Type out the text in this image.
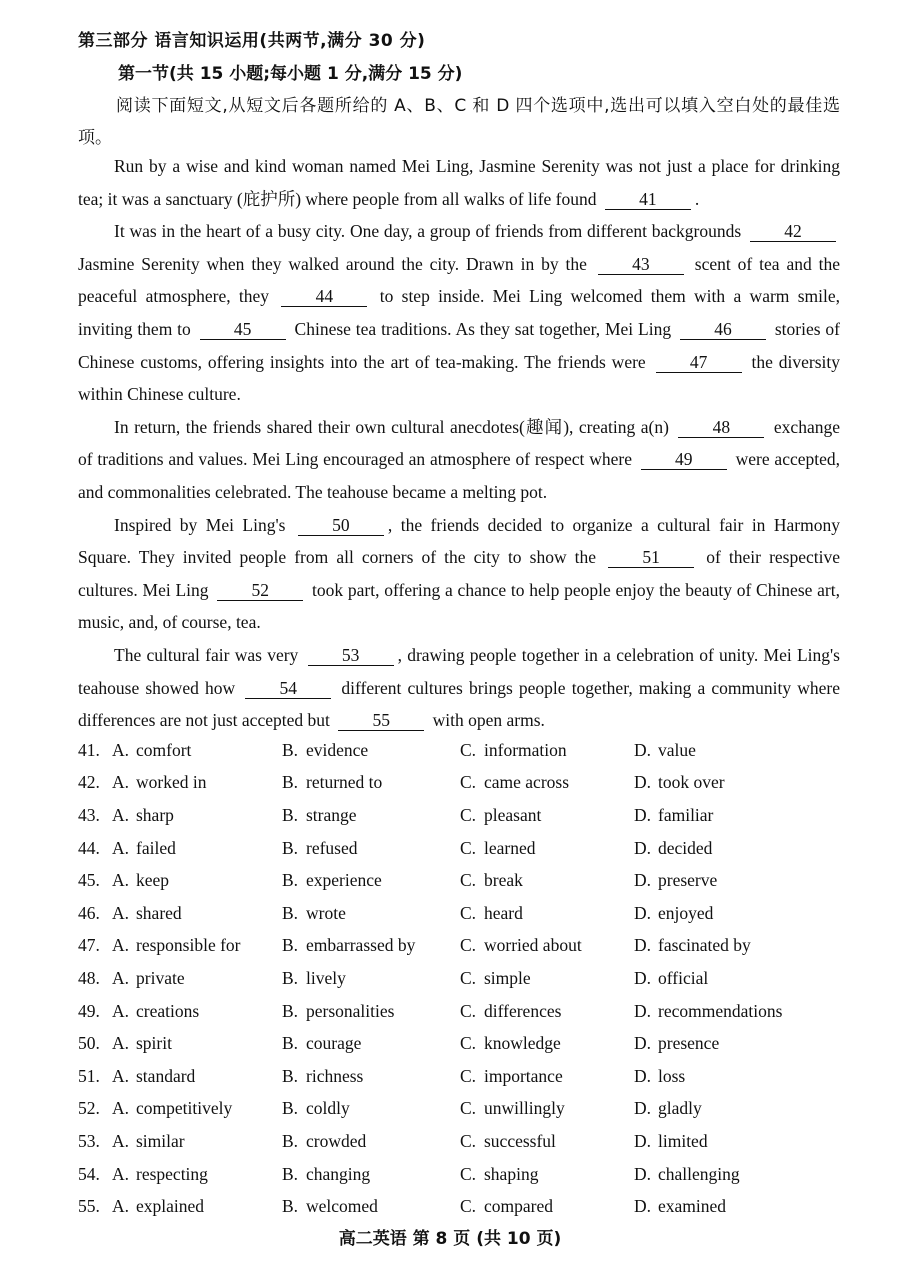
第三部分 语言知识运用(共两节,满分 30 分)
第一节(共 15 小题;每小题 1 分,满分 15 分)
阅读下面短文,从短文后各题所给的 A、B、C 和 D 四个选项中,选出可以填入空白处的最佳选项。

Run by a wise and kind woman named Mei Ling, Jasmine Serenity was not just a place for drinking tea; it was a sanctuary (庇护所) where people from all walks of life found 41 .

It was in the heart of a busy city. One day, a group of friends from different backgrounds 42 Jasmine Serenity when they walked around the city. Drawn in by the 43 scent of tea and the peaceful atmosphere, they 44 to step inside. Mei Ling welcomed them with a warm smile, inviting them to 45 Chinese tea traditions. As they sat together, Mei Ling 46 stories of Chinese customs, offering insights into the art of tea-making. The friends were 47 the diversity within Chinese culture.

In return, the friends shared their own cultural anecdotes(趣闻), creating a(n) 48 exchange of traditions and values. Mei Ling encouraged an atmosphere of respect where 49 were accepted, and commonalities celebrated. The teahouse became a melting pot.

Inspired by Mei Ling's 50 , the friends decided to organize a cultural fair in Harmony Square. They invited people from all corners of the city to show the 51 of their respective cultures. Mei Ling 52 took part, offering a chance to help people enjoy the beauty of Chinese art, music, and, of course, tea.

The cultural fair was very 53 , drawing people together in a celebration of unity. Mei Ling's teahouse showed how 54 different cultures brings people together, making a community where differences are not just accepted but 55 with open arms.

41. A. comfort	B. evidence	C. information	D. value
42. A. worked in	B. returned to	C. came across	D. took over
43. A. sharp	B. strange	C. pleasant	D. familiar
44. A. failed	B. refused	C. learned	D. decided
45. A. keep	B. experience	C. break	D. preserve
46. A. shared	B. wrote	C. heard	D. enjoyed
47. A. responsible for B. embarrassed by	C. worried about	D. fascinated by
48. A. private	B. lively	C. simple	D. official
49. A. creations	B. personalities	C. differences	D. recommendations
50. A. spirit	B. courage	C. knowledge	D. presence
51. A. standard	B. richness	C. importance	D. loss
52. A. competitively	B. coldly	C. unwillingly	D. gladly
53. A. similar	B. crowded	C. successful	D. limited
54. A. respecting	B. changing	C. shaping	D. challenging
55. A. explained	B. welcomed	C. compared	D. examined
高二英语 第 8 页 (共 10 页)
